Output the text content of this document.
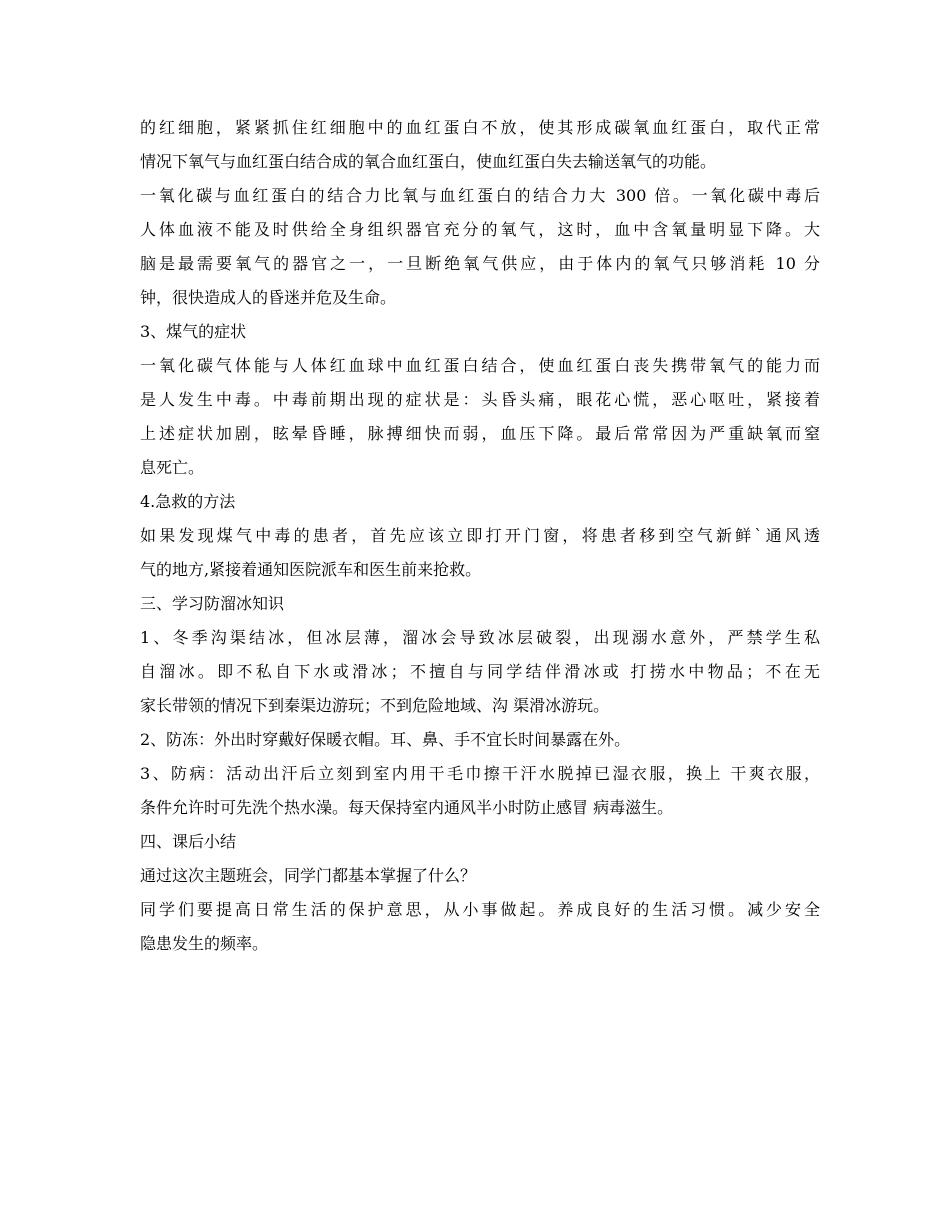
的红细胞，紧紧抓住红细胞中的血红蛋白不放，使其形成碳氧血红蛋白，取代正常
情况下氧气与血红蛋白结合成的氧合血红蛋白，使血红蛋白失去输送氧气的功能。
一氧化碳与血红蛋白的结合力比氧与血红蛋白的结合力大 300 倍。一氧化碳中毒后
人体血液不能及时供给全身组织器官充分的氧气，这时，血中含氧量明显下降。大
脑是最需要氧气的器官之一，一旦断绝氧气供应，由于体内的氧气只够消耗 10 分
钟，很快造成人的昏迷并危及生命。
3、煤气的症状
一氧化碳气体能与人体红血球中血红蛋白结合，使血红蛋白丧失携带氧气的能力而
是人发生中毒。中毒前期出现的症状是：头昏头痛，眼花心慌，恶心呕吐，紧接着
上述症状加剧，眩晕昏睡，脉搏细快而弱，血压下降。最后常常因为严重缺氧而窒
息死亡。
4.急救的方法
如果发现煤气中毒的患者，首先应该立即打开门窗，将患者移到空气新鲜`通风透
气的地方,紧接着通知医院派车和医生前来抢救。
三、学习防溜冰知识
1、冬季沟渠结冰，但冰层薄，溜冰会导致冰层破裂，出现溺水意外，严禁学生私
自溜冰。即不私自下水或滑冰；不擅自与同学结伴滑冰或 打捞水中物品；不在无
家长带领的情况下到秦渠边游玩；不到危险地域、沟 渠滑冰游玩。
2、防冻：外出时穿戴好保暖衣帽。耳、鼻、手不宜长时间暴露在外。
3、防病：活动出汗后立刻到室内用干毛巾擦干汗水脱掉已湿衣服，换上 干爽衣服，
条件允许时可先洗个热水澡。每天保持室内通风半小时防止感冒 病毒滋生。
四、课后小结
通过这次主题班会，同学门都基本掌握了什么？
同学们要提高日常生活的保护意思，从小事做起。养成良好的生活习惯。减少安全
隐患发生的频率。
